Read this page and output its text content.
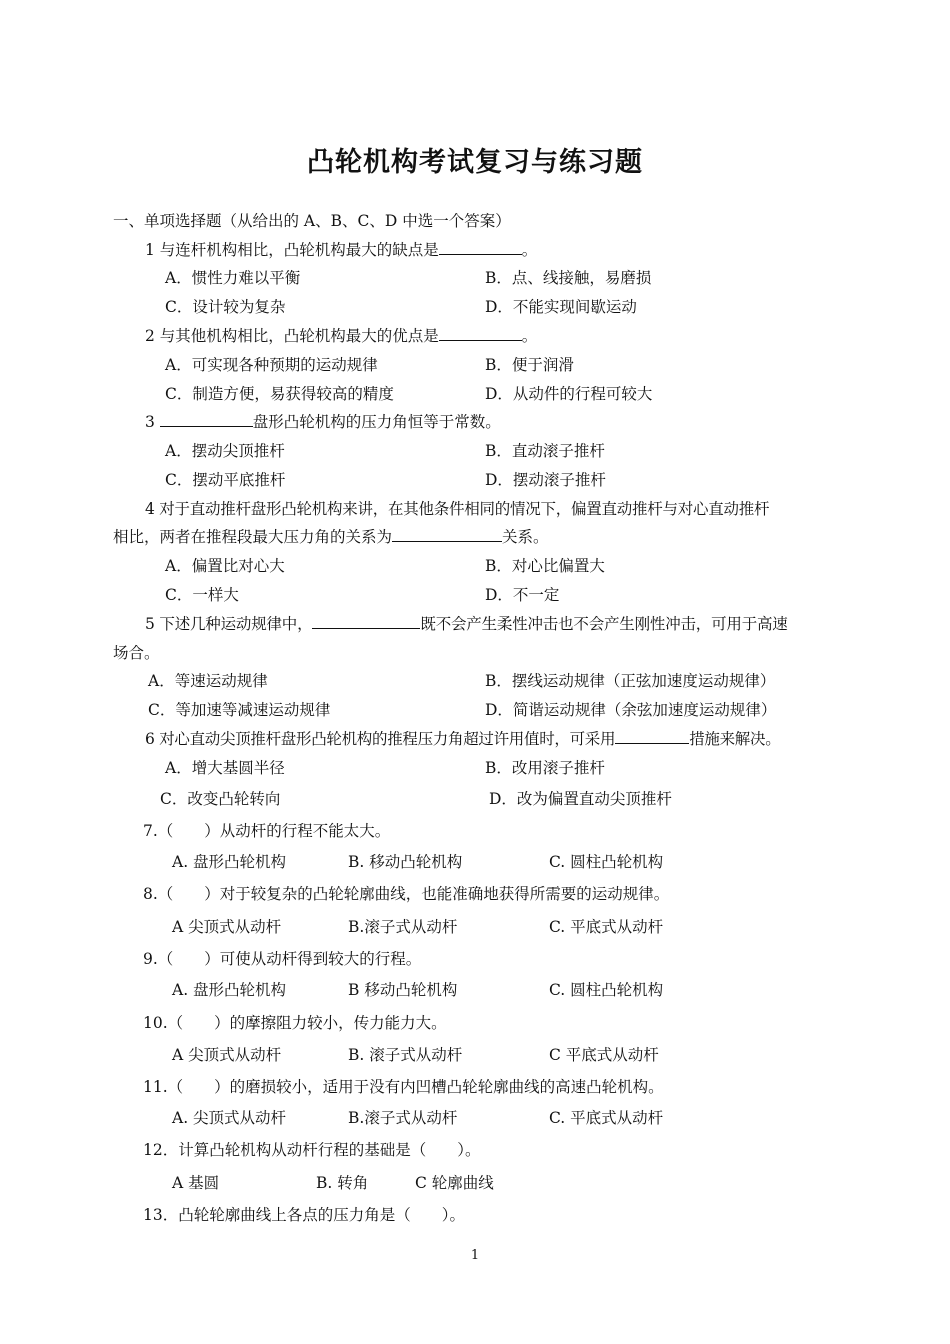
凸轮机构考试复习与练习题
一、单项选择题（从给出的 A、B、C、D 中选一个答案）
1 与连杆机构相比，凸轮机构最大的缺点是	。
A．惯性力难以平衡	B．点、线接触，易磨损
C．设计较为复杂	D．不能实现间歇运动
2 与其他机构相比，凸轮机构最大的优点是	。
A．可实现各种预期的运动规律	B．便于润滑
C．制造方便，易获得较高的精度	D．从动件的行程可较大
3	盘形凸轮机构的压力角恒等于常数。
A．摆动尖顶推杆	B．直动滚子推杆
C．摆动平底推杆	D．摆动滚子推杆
4 对于直动推杆盘形凸轮机构来讲，在其他条件相同的情况下，偏置直动推杆与对心直动推杆
相比，两者在推程段最大压力角的关系为	关系。
A．偏置比对心大	B．对心比偏置大
C．一样大	D．不一定
5 下述几种运动规律中，	既不会产生柔性冲击也不会产生刚性冲击，可用于高速
场合。
A．等速运动规律	B．摆线运动规律（正弦加速度运动规律）
C．等加速等减速运动规律	D．简谐运动规律（余弦加速度运动规律）
6 对心直动尖顶推杆盘形凸轮机构的推程压力角超过许用值时，可采用	措施来解决。
A．增大基圆半径	B．改用滚子推杆
C．改变凸轮转向	D．改为偏置直动尖顶推杆
7.（　　）从动杆的行程不能太大。
A. 盘形凸轮机构	B. 移动凸轮机构	C. 圆柱凸轮机构
8.（　　）对于较复杂的凸轮轮廓曲线，也能准确地获得所需要的运动规律。
A 尖顶式从动杆	B.滚子式从动杆	C. 平底式从动杆
9.（　　）可使从动杆得到较大的行程。
A. 盘形凸轮机构	B 移动凸轮机构	C. 圆柱凸轮机构
10.（　　）的摩擦阻力较小，传力能力大。
A 尖顶式从动杆	B. 滚子式从动杆	C 平底式从动杆
11.（　　）的磨损较小，适用于没有内凹槽凸轮轮廓曲线的高速凸轮机构。
A. 尖顶式从动杆	B.滚子式从动杆	C. 平底式从动杆
12．计算凸轮机构从动杆行程的基础是（　　）。
A 基圆	B. 转角	C 轮廓曲线
13．凸轮轮廓曲线上各点的压力角是（　　）。
1
